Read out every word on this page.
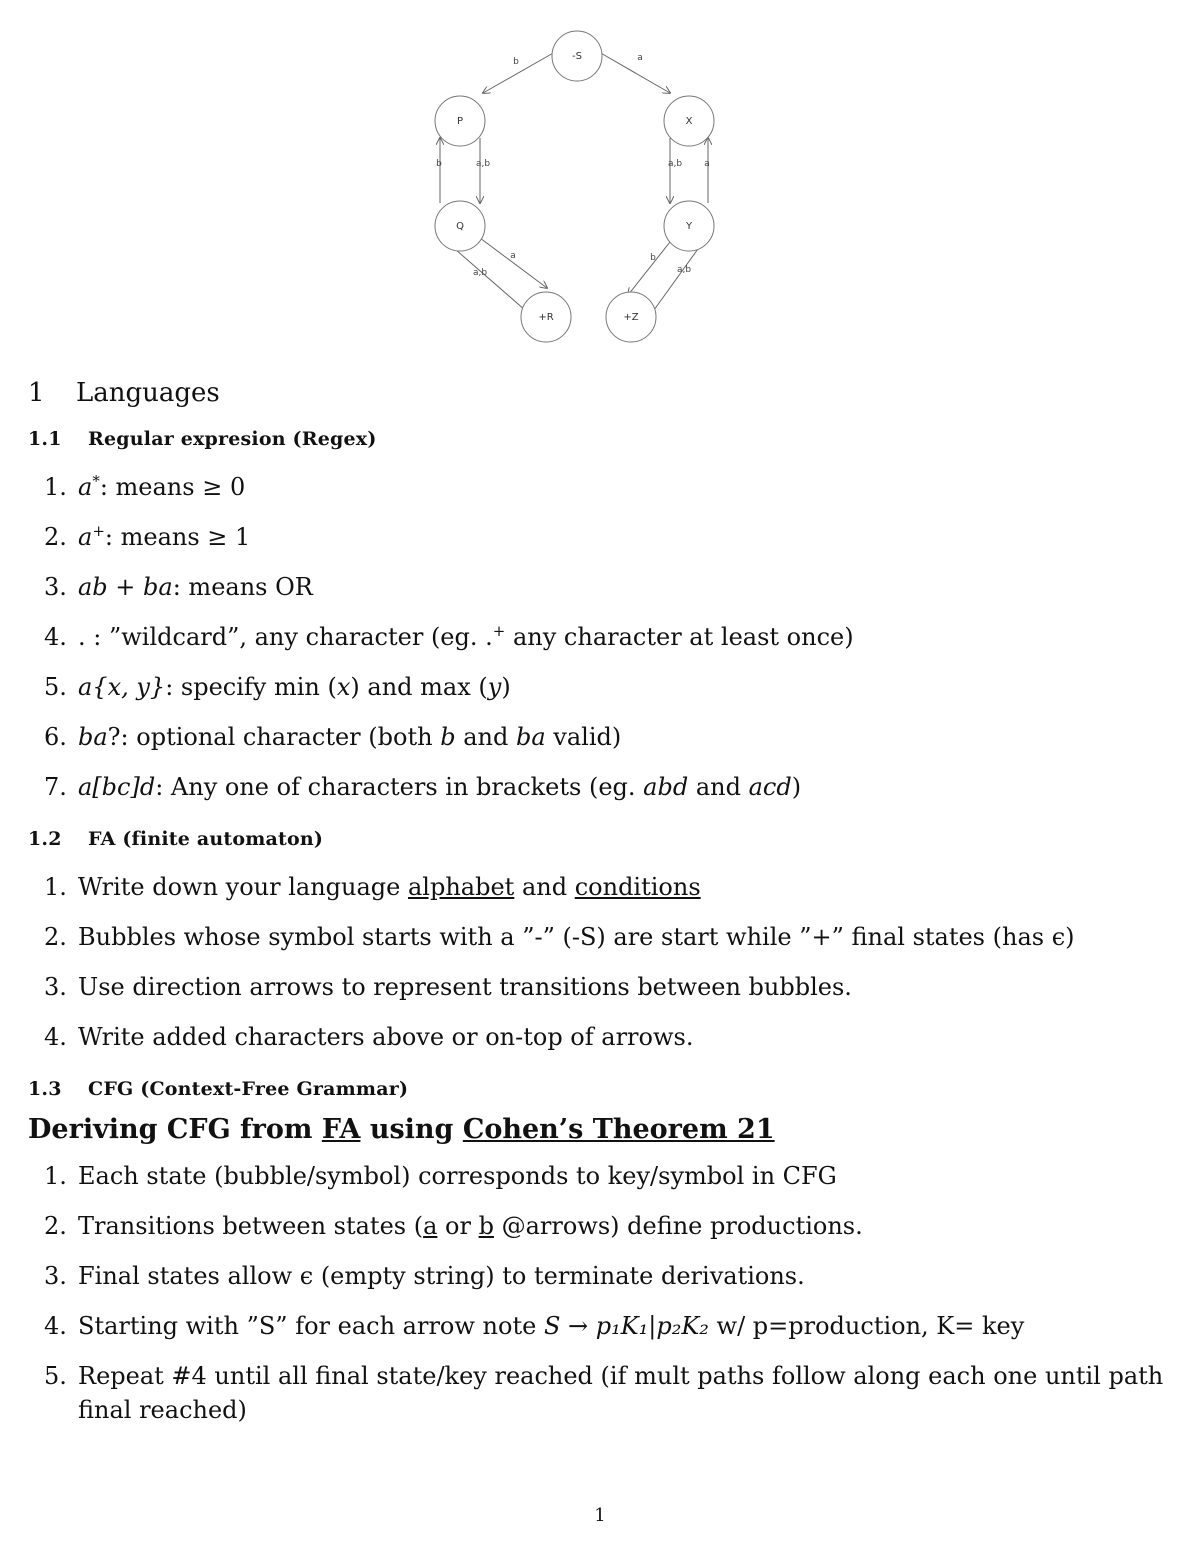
b	a
b	a,b	a
a,b
a
a,b
b
a,b
-S
P	X
Q	Y
+R	+Z
1 Languages
1.1 Regular expresion (Regex)
1. a*: means ≥ 0
2. a+: means ≥ 1
3. ab + ba: means OR
4. . : ”wildcard”, any character (eg. .+ any character at least once)
5. a{x, y}: specify min (x) and max (y)
6. ba?: optional character (both b and ba valid)
7. a[bc]d: Any one of characters in brackets (eg. abd and acd)
1.2 FA (finite automaton)
1. Write down your language alphabet and conditions
2. Bubbles whose symbol starts with a ”-” (-S) are start while ”+” final states (has ϵ)
3. Use direction arrows to represent transitions between bubbles.
4. Write added characters above or on-top of arrows.
1.3 CFG (Context-Free Grammar)
Deriving CFG from FA using Cohen’s Theorem 21
1. Each state (bubble/symbol) corresponds to key/symbol in CFG
2. Transitions between states (a or b @arrows) define productions.
3. Final states allow ϵ (empty string) to terminate derivations.
4. Starting with ”S” for each arrow note S → p₁K₁|p₂K₂ w/ p=production, K= key
5. Repeat #4 until all final state/key reached (if mult paths follow along each one until path final reached)
1
